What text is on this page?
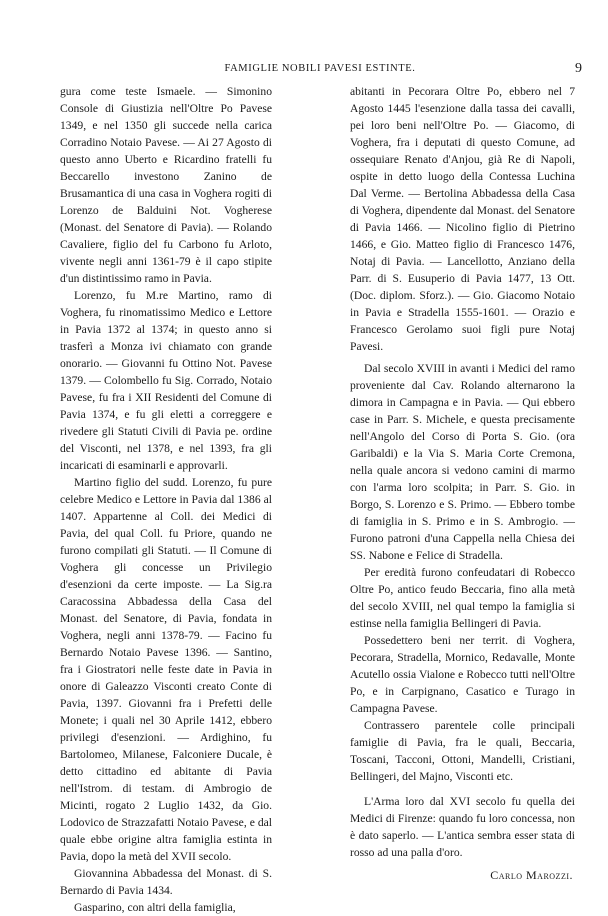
FAMIGLIE NOBILI PAVESI ESTINTE.	9

gura come teste Ismaele. — Simonino Console di Giustizia nell'Oltre Po Pavese 1349, e nel 1350 gli succede nella carica Corradino Notaio Pavese. — Ai 27 Agosto di questo anno Uberto e Ricardino fratelli fu Beccarello investono Zanino de Brusamantica di una casa in Voghera rogiti di Lorenzo de Balduini Not. Vogherese (Monast. del Senatore di Pavia). — Rolando Cavaliere, figlio del fu Carbono fu Arloto, vivente negli anni 1361-79 è il capo stipite d'un distintissimo ramo in Pavia.

Lorenzo, fu M.re Martino, ramo di Voghera, fu rinomatissimo Medico e Lettore in Pavia 1372 al 1374; in questo anno si trasferì a Monza ivi chiamato con grande onorario. — Giovanni fu Ottino Not. Pavese 1379. — Colombello fu Sig. Corrado, Notaio Pavese, fu fra i XII Residenti del Comune di Pavia 1374, e fu gli eletti a correggere e rivedere gli Statuti Civili di Pavia pe. ordine del Visconti, nel 1378, e nel 1393, fra gli incaricati di esaminarli e approvarli.

Martino figlio del sudd. Lorenzo, fu pure celebre Medico e Lettore in Pavia dal 1386 al 1407. Appartenne al Coll. dei Medici di Pavia, del qual Coll. fu Priore, quando ne furono compilati gli Statuti. — Il Comune di Voghera gli concesse un Privilegio d'esenzioni da certe imposte. — La Sig.ra Caracossina Abbadessa della Casa del Monast. del Senatore, di Pavia, fondata in Voghera, negli anni 1378-79. — Facino fu Bernardo Notaio Pavese 1396. — Santino, fra i Giostratori nelle feste date in Pavia in onore di Galeazzo Visconti creato Conte di Pavia, 1397. Giovanni fra i Prefetti delle Monete; i quali nel 30 Aprile 1412, ebbero privilegi d'esenzioni. — Ardighino, fu Bartolomeo, Milanese, Falconiere Ducale, è detto cittadino ed abitante di Pavia nell'Istrom. di testam. di Ambrogio de Micinti, rogato 2 Luglio 1432, da Gio. Lodovico de Strazzafatti Notaio Pavese, e dal quale ebbe origine altra famiglia estinta in Pavia, dopo la metà del XVII secolo.

Giovannina Abbadessa del Monast. di S. Bernardo di Pavia 1434.

Gasparino, con altri della famiglia,

abitanti in Pecorara Oltre Po, ebbero nel 7 Agosto 1445 l'esenzione dalla tassa dei cavalli, pei loro beni nell'Oltre Po. — Giacomo, di Voghera, fra i deputati di questo Comune, ad ossequiare Renato d'Anjou, già Re di Napoli, ospite in detto luogo della Contessa Luchina Dal Verme. — Bertolina Abbadessa della Casa di Voghera, dipendente dal Monast. del Senatore di Pavia 1466. — Nicolino figlio di Pietrino 1466, e Gio. Matteo figlio di Francesco 1476, Notaj di Pavia. — Lancellotto, Anziano della Parr. di S. Eusuperio di Pavia 1477, 13 Ott. (Doc. diplom. Sforz.). — Gio. Giacomo Notaio in Pavia e Stradella 1555-1601. — Orazio e Francesco Gerolamo suoi figli pure Notaj Pavesi.

Dal secolo XVIII in avanti i Medici del ramo proveniente dal Cav. Rolando alternarono la dimora in Campagna e in Pavia. — Qui ebbero case in Parr. S. Michele, e questa precisamente nell'Angolo del Corso di Porta S. Gio. (ora Garibaldi) e la Via S. Maria Corte Cremona, nella quale ancora si vedono camini di marmo con l'arma loro scolpita; in Parr. S. Gio. in Borgo, S. Lorenzo e S. Primo. — Ebbero tombe di famiglia in S. Primo e in S. Ambrogio. — Furono patroni d'una Cappella nella Chiesa dei SS. Nabone e Felice di Stradella.

Per eredità furono confeudatari di Robecco Oltre Po, antico feudo Beccaria, fino alla metà del secolo XVIII, nel qual tempo la famiglia si estinse nella famiglia Bellingeri di Pavia.

Possedettero beni ner territ. di Voghera, Pecorara, Stradella, Mornico, Redavalle, Monte Acutello ossia Vialone e Robecco tutti nell'Oltre Po, e in Carpignano, Casatico e Turago in Campagna Pavese.

Contrassero parentele colle principali famiglie di Pavia, fra le quali, Beccaria, Toscani, Tacconi, Ottoni, Mandelli, Cristiani, Bellingeri, del Majno, Visconti etc.

L'Arma loro dal XVI secolo fu quella dei Medici di Firenze: quando fu loro concessa, non è dato saperlo. — L'antica sembra esser stata di rosso ad una palla d'oro.

Carlo Marozzi.
